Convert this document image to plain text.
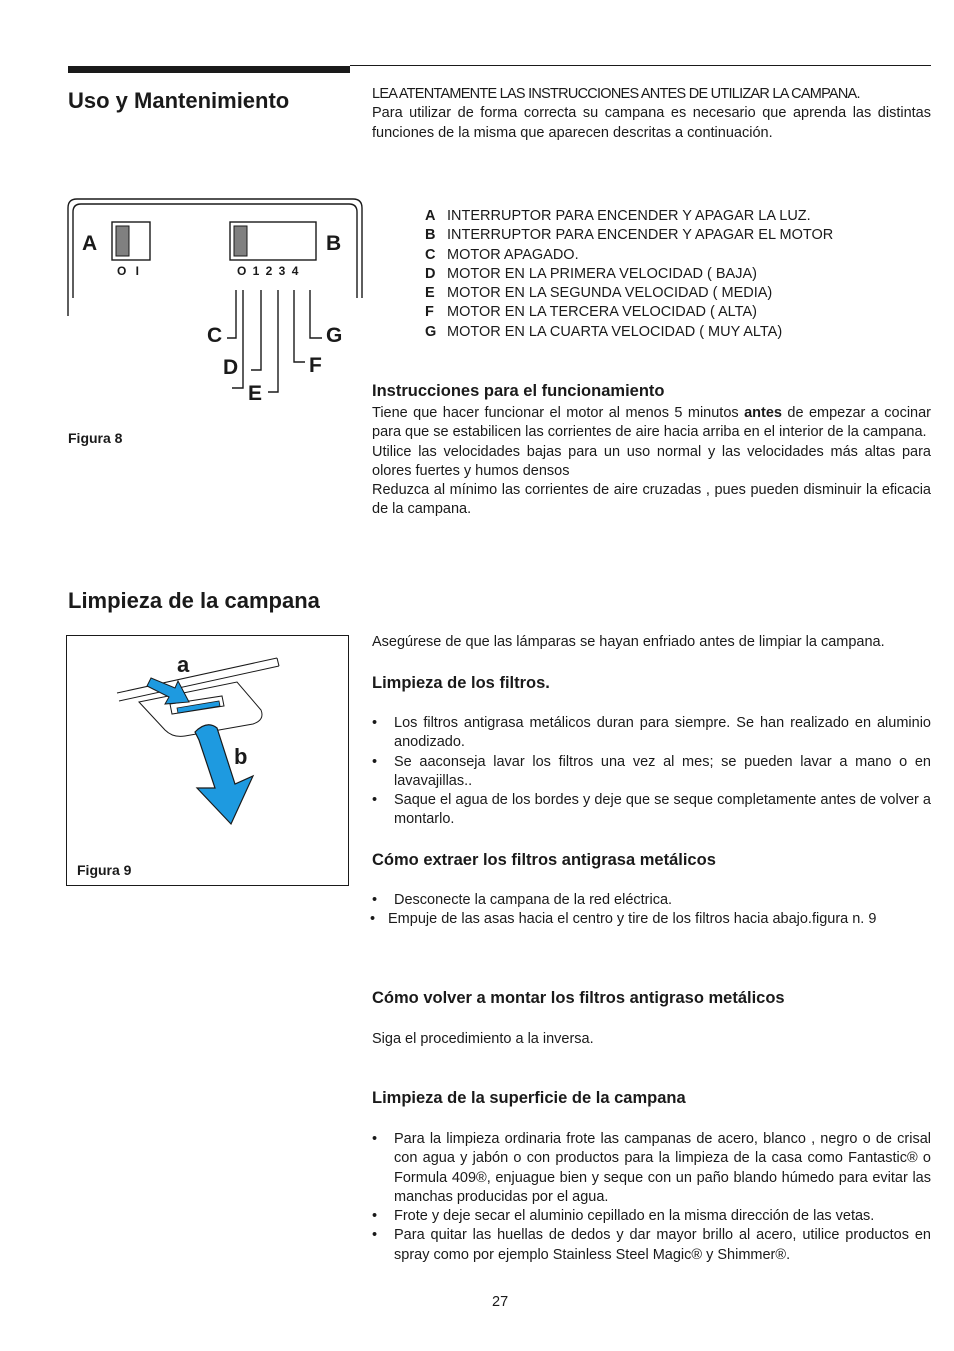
Uso y Mantenimiento	LEA ATENTAMENTE LAS INSTRUCCIONES ANTES DE UTILIZAR LA CAMPANA.
Para utilizar de forma correcta su campana es necesario que aprenda las distintas funciones de la misma que aparecen descritas a continuación.
A	B
O I	O 1 2 3 4
C
D
E
F
G
Figura 8
A INTERRUPTOR PARA ENCENDER Y APAGAR LA LUZ.
B INTERRUPTOR PARA ENCENDER Y APAGAR EL MOTOR
C MOTOR APAGADO.
D MOTOR EN LA PRIMERA VELOCIDAD ( BAJA)
E MOTOR EN LA SEGUNDA VELOCIDAD ( MEDIA)
F MOTOR EN LA TERCERA VELOCIDAD ( ALTA)
G MOTOR EN LA CUARTA VELOCIDAD ( MUY ALTA)
Instrucciones para el funcionamiento
Tiene que hacer funcionar el motor al menos 5 minutos antes de empezar a cocinar para que se estabilicen las corrientes de aire hacia arriba en el interior de la campana.
Utilice las velocidades bajas para un uso normal y las velocidades más altas para olores fuertes y humos densos
Reduzca al mínimo las corrientes de aire cruzadas , pues pueden disminuir la eficacia de la campana.
Limpieza de la campana
Asegúrese de que las lámparas se hayan enfriado antes de limpiar la campana.
a
b
Figura 9
Limpieza de los filtros.
• Los filtros antigrasa metálicos duran para siempre. Se han realizado en aluminio anodizado.
• Se aaconseja lavar los filtros una vez al mes; se pueden lavar a mano o en lavavajillas..
• Saque el agua de los bordes y deje que se seque completamente antes de volver a montarlo.
Cómo extraer los filtros antigrasa metálicos
• Desconecte la campana de la red eléctrica.
• Empuje de las asas hacia el centro y tire de los filtros hacia abajo.figura n. 9
Cómo volver a montar los filtros antigraso metálicos
Siga el procedimiento a la inversa.
Limpieza de la superficie de la campana
• Para la limpieza ordinaria frote las campanas de acero, blanco , negro o de crisal con agua y jabón o con productos para la limpieza de la casa como Fantastic® o Formula 409®, enjuague bien y seque con un paño blando húmedo para evitar las manchas producidas por el agua.
• Frote y deje secar el aluminio cepillado en la misma dirección de las vetas.
• Para quitar las huellas de dedos y dar mayor brillo al acero, utilice productos en spray como por ejemplo Stainless Steel Magic® y Shimmer®.
27
